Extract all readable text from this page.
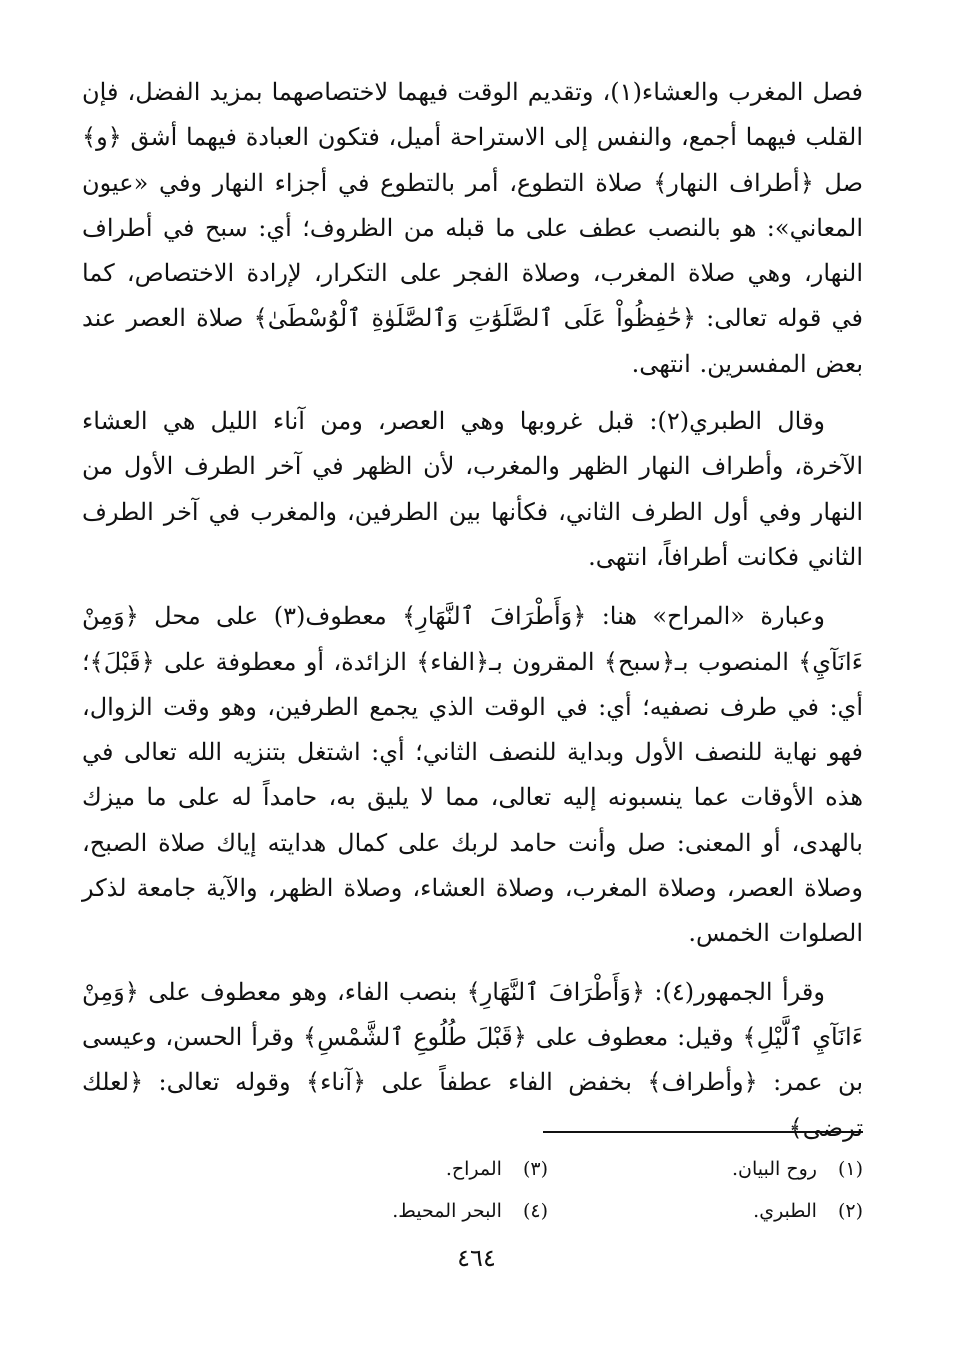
فصل المغرب والعشاء(١)، وتقديم الوقت فيهما لاختصاصهما بمزيد الفضل، فإن القلب فيهما أجمع، والنفس إلى الاستراحة أميل، فتكون العبادة فيهما أشق ﴿و﴾ صل ﴿أطراف النهار﴾ صلاة التطوع، أمر بالتطوع في أجزاء النهار وفي «عيون المعاني»: هو بالنصب عطف على ما قبله من الظروف؛ أي: سبح في أطراف النهار، وهي صلاة المغرب، وصلاة الفجر على التكرار، لإرادة الاختصاص، كما في قوله تعالى: ﴿حَٰفِظُواْ عَلَى ٱلصَّلَوَٰتِ وَٱلصَّلَوٰةِ ٱلْوُسْطَىٰ﴾ صلاة العصر عند بعض المفسرين. انتهى.

وقال الطبري(٢): قبل غروبها وهي العصر، ومن آناء الليل هي العشاء الآخرة، وأطراف النهار الظهر والمغرب، لأن الظهر في آخر الطرف الأول من النهار وفي أول الطرف الثاني، فكأنها بين الطرفين، والمغرب في آخر الطرف الثاني فكانت أطرافاً، انتهى.

وعبارة «المراح» هنا: ﴿وَأَطْرَافَ ٱلنَّهَارِ﴾ معطوف(٣) على محل ﴿وَمِنْ ءَانَآيِ﴾ المنصوب بـ﴿سبح﴾ المقرون بـ﴿الفاء﴾ الزائدة، أو معطوفة على ﴿قَبْلَ﴾؛ أي: في طرف نصفيه؛ أي: في الوقت الذي يجمع الطرفين، وهو وقت الزوال، فهو نهاية للنصف الأول وبداية للنصف الثاني؛ أي: اشتغل بتنزيه الله تعالى في هذه الأوقات عما ينسبونه إليه تعالى، مما لا يليق به، حامداً له على ما ميزك بالهدى، أو المعنى: صل وأنت حامد لربك على كمال هدايته إياك صلاة الصبح، وصلاة العصر، وصلاة المغرب، وصلاة العشاء، وصلاة الظهر، والآية جامعة لذكر الصلوات الخمس.

وقرأ الجمهور(٤): ﴿وَأَطْرَافَ ٱلنَّهَارِ﴾ بنصب الفاء، وهو معطوف على ﴿وَمِنْ ءَانَآيِ ٱلَّيْلِ﴾ وقيل: معطوف على ﴿قَبْلَ طُلُوعِ ٱلشَّمْسِ﴾ وقرأ الحسن، وعيسى بن عمر: ﴿وأطراف﴾ بخفض الفاء عطفاً على ﴿آناء﴾ وقوله تعالى: ﴿لعلك ترضى﴾

(١) روح البيان.
(٢) الطبري.
(٣) المراح.
(٤) البحر المحيط.
٤٦٤
